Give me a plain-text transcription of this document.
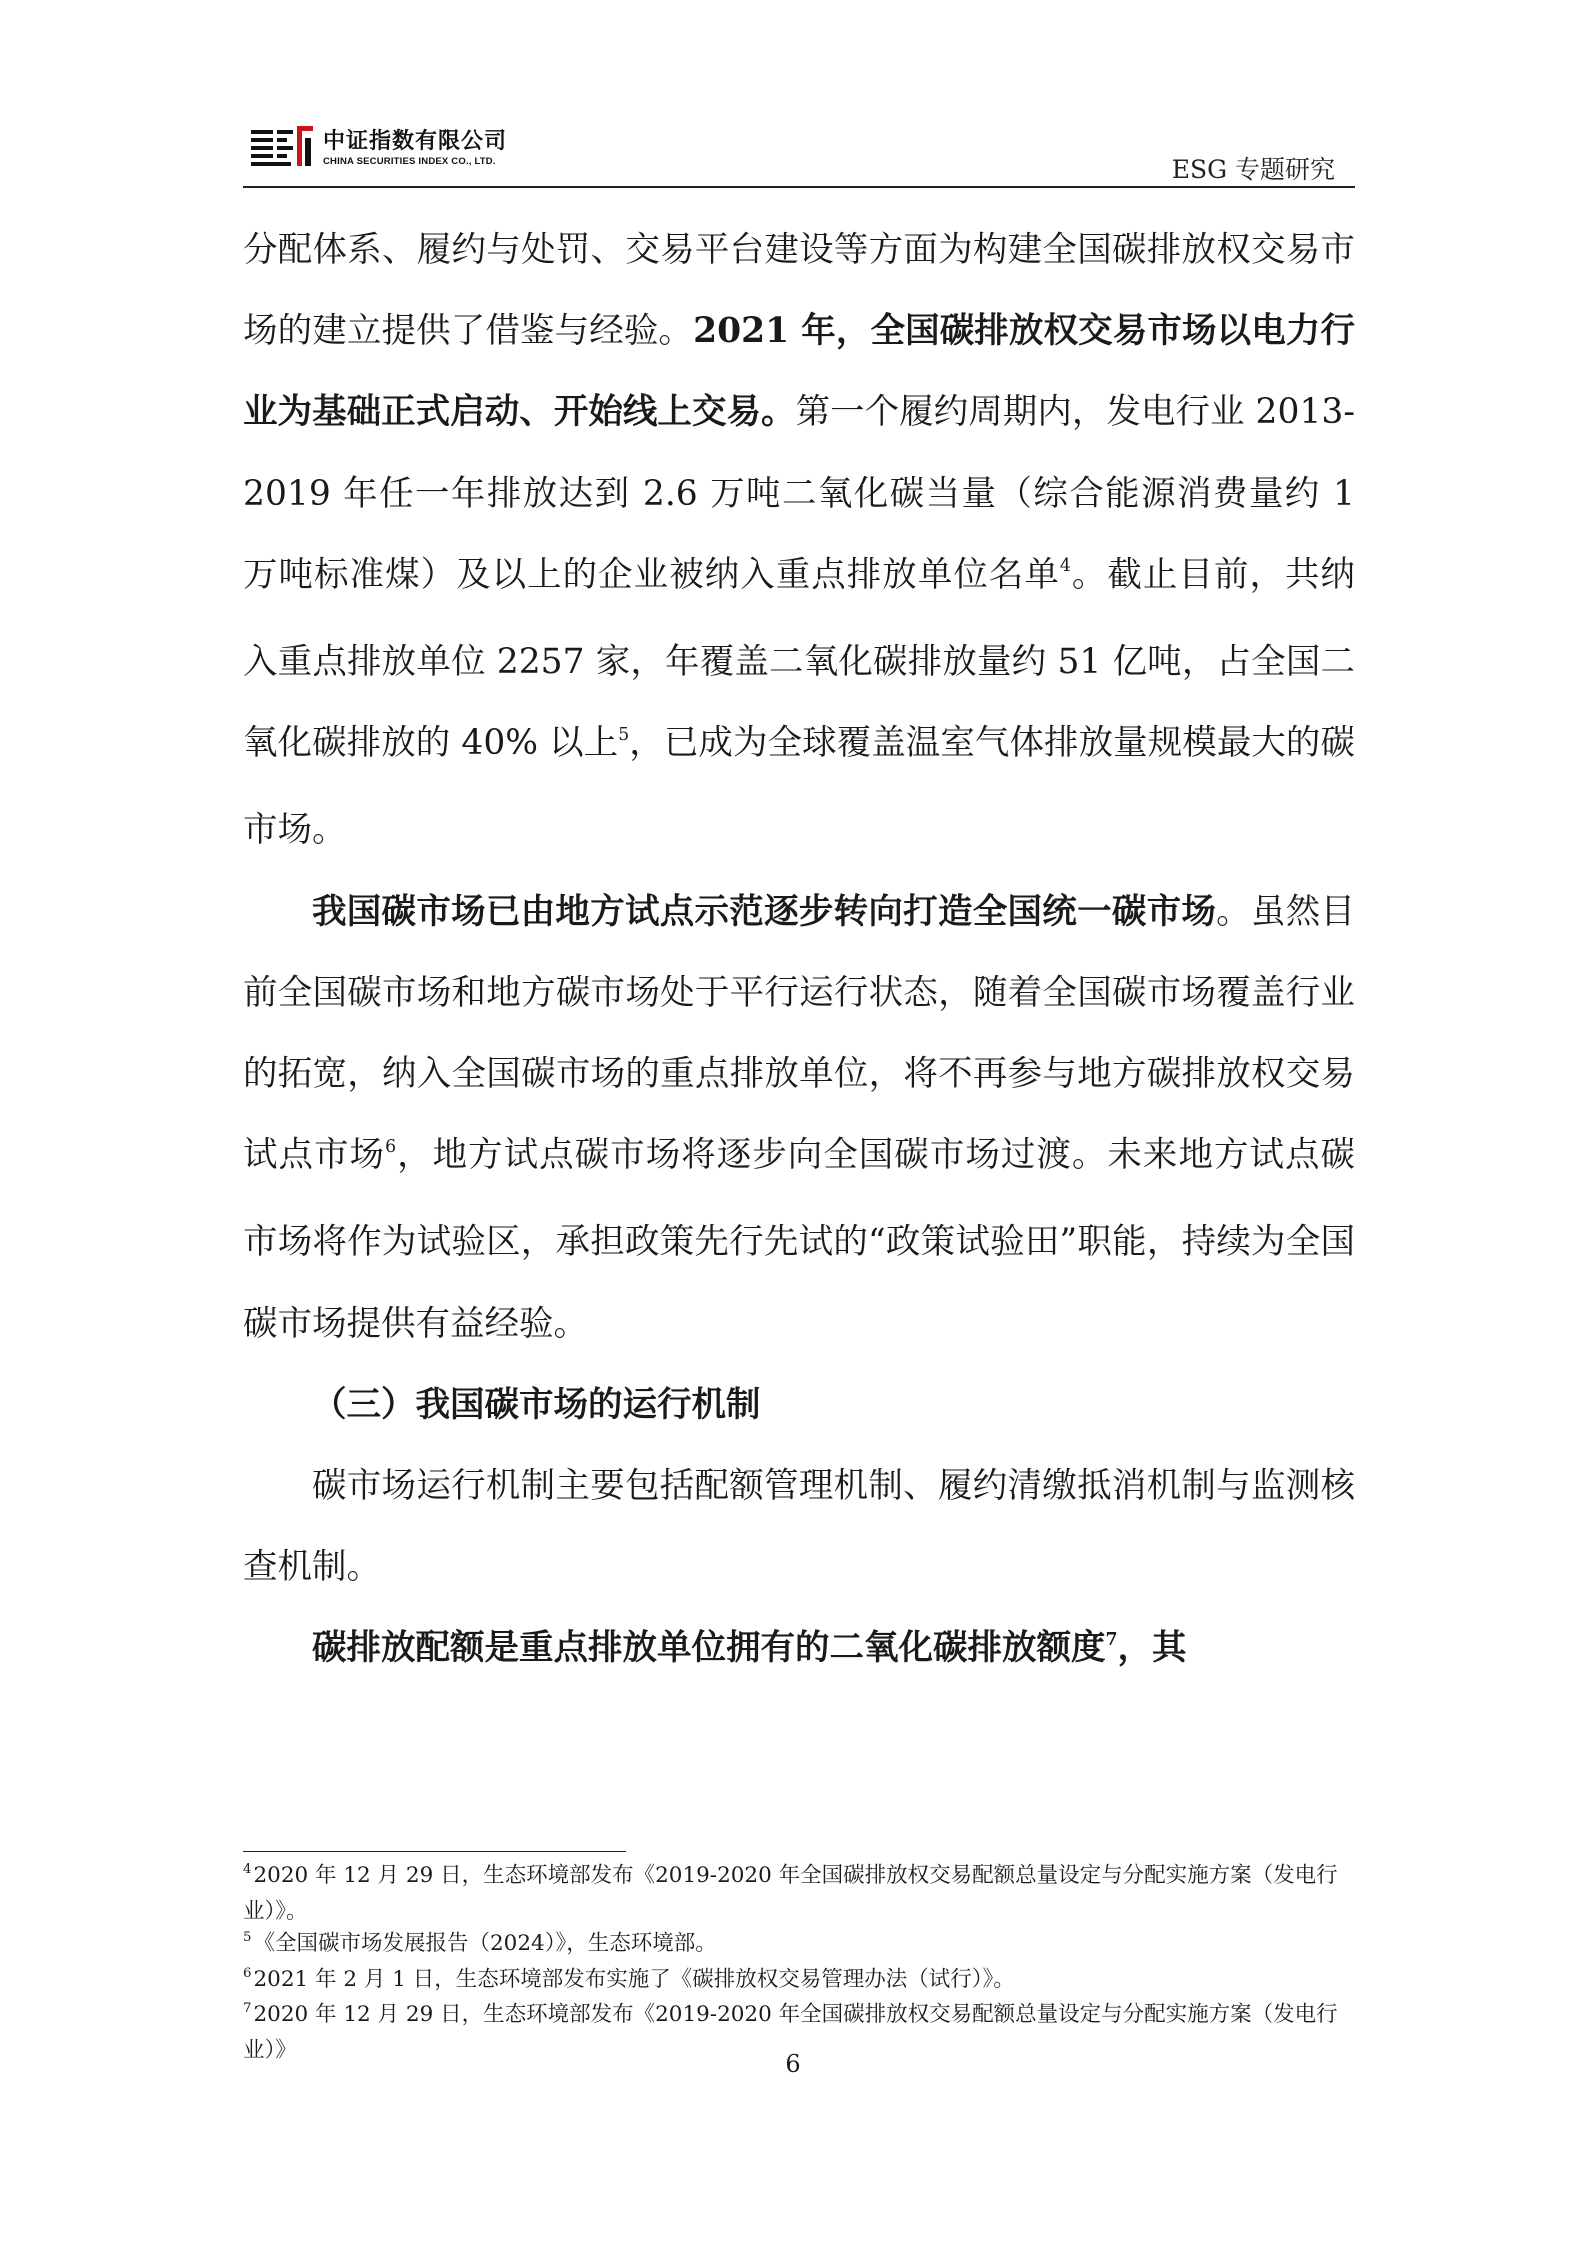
中证指数有限公司
CHINA SECURITIES INDEX CO., LTD.	ESG 专题研究

分配体系、履约与处罚、交易平台建设等方面为构建全国碳排放权交易市场的建立提供了借鉴与经验。2021 年，全国碳排放权交易市场以电力行业为基础正式启动、开始线上交易。第一个履约周期内，发电行业 2013-2019 年任一年排放达到 2.6 万吨二氧化碳当量（综合能源消费量约 1 万吨标准煤）及以上的企业被纳入重点排放单位名单$^4$。截止目前，共纳入重点排放单位 2257 家，年覆盖二氧化碳排放量约 51 亿吨，占全国二氧化碳排放的 40% 以上$^5$，已成为全球覆盖温室气体排放量规模最大的碳市场。

我国碳市场已由地方试点示范逐步转向打造全国统一碳市场。虽然目前全国碳市场和地方碳市场处于平行运行状态，随着全国碳市场覆盖行业的拓宽，纳入全国碳市场的重点排放单位，将不再参与地方碳排放权交易试点市场$^6$，地方试点碳市场将逐步向全国碳市场过渡。未来地方试点碳市场将作为试验区，承担政策先行先试的“政策试验田”职能，持续为全国碳市场提供有益经验。

（三）我国碳市场的运行机制

碳市场运行机制主要包括配额管理机制、履约清缴抵消机制与监测核查机制。

碳排放配额是重点排放单位拥有的二氧化碳排放额度$^7$，其

$^4$2020 年 12 月 29 日，生态环境部发布《2019-2020 年全国碳排放权交易配额总量设定与分配实施方案（发电行业）》。

$^5$《全国碳市场发展报告（2024）》，生态环境部。

$^6$2021 年 2 月 1 日，生态环境部发布实施了《碳排放权交易管理办法（试行）》。

$^7$2020 年 12 月 29 日，生态环境部发布《2019-2020 年全国碳排放权交易配额总量设定与分配实施方案（发电行业）》	6
